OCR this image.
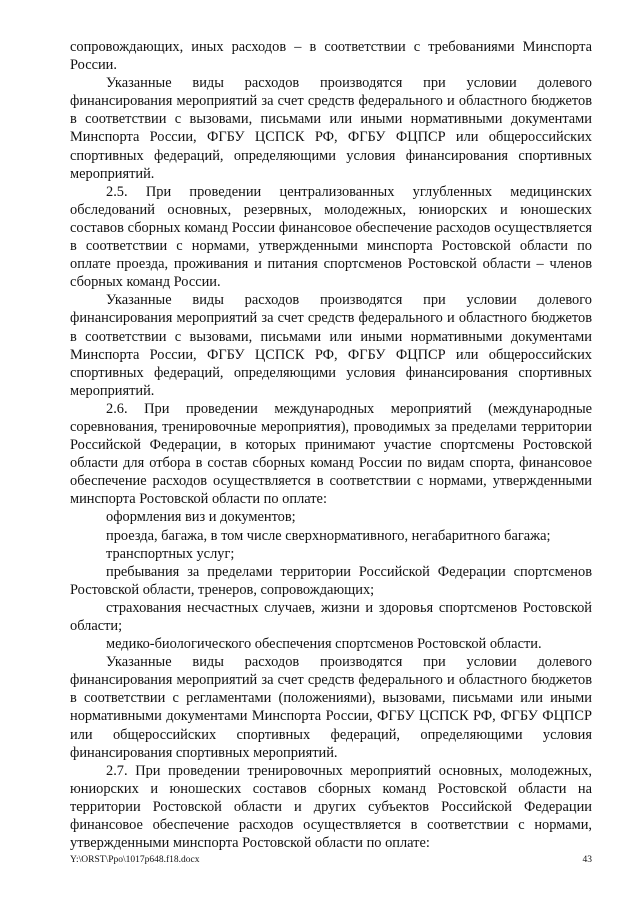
сопровождающих, иных расходов – в соответствии с требованиями Минспорта России.

Указанные виды расходов производятся при условии долевого финансирования мероприятий за счет средств федерального и областного бюджетов в соответствии с вызовами, письмами или иными нормативными документами Минспорта России, ФГБУ ЦСПСК РФ, ФГБУ ФЦПСР или общероссийских спортивных федераций, определяющими условия финансирования спортивных мероприятий.

2.5. При проведении централизованных углубленных медицинских обследований основных, резервных, молодежных, юниорских и юношеских составов сборных команд России финансовое обеспечение расходов осуществляется в соответствии с нормами, утвержденными минспорта Ростовской области по оплате проезда, проживания и питания спортсменов Ростовской области – членов сборных команд России.

Указанные виды расходов производятся при условии долевого финансирования мероприятий за счет средств федерального и областного бюджетов в соответствии с вызовами, письмами или иными нормативными документами Минспорта России, ФГБУ ЦСПСК РФ, ФГБУ ФЦПСР или общероссийских спортивных федераций, определяющими условия финансирования спортивных мероприятий.

2.6. При проведении международных мероприятий (международные соревнования, тренировочные мероприятия), проводимых за пределами территории Российской Федерации, в которых принимают участие спортсмены Ростовской области для отбора в состав сборных команд России по видам спорта, финансовое обеспечение расходов осуществляется в соответствии с нормами, утвержденными минспорта Ростовской области по оплате:

оформления виз и документов;

проезда, багажа, в том числе сверхнормативного, негабаритного багажа;

транспортных услуг;

пребывания за пределами территории Российской Федерации спортсменов Ростовской области, тренеров, сопровождающих;

страхования несчастных случаев, жизни и здоровья спортсменов Ростовской области;

медико-биологического обеспечения спортсменов Ростовской области.

Указанные виды расходов производятся при условии долевого финансирования мероприятий за счет средств федерального и областного бюджетов в соответствии с регламентами (положениями), вызовами, письмами или иными нормативными документами Минспорта России, ФГБУ ЦСПСК РФ, ФГБУ ФЦПСР или общероссийских спортивных федераций, определяющими условия финансирования спортивных мероприятий.

2.7. При проведении тренировочных мероприятий основных, молодежных, юниорских и юношеских составов сборных команд Ростовской области на территории Ростовской области и других субъектов Российской Федерации финансовое обеспечение расходов осуществляется в соответствии с нормами, утвержденными минспорта Ростовской области по оплате:

Y:\ORST\Ppo\1017p648.f18.docx	43
